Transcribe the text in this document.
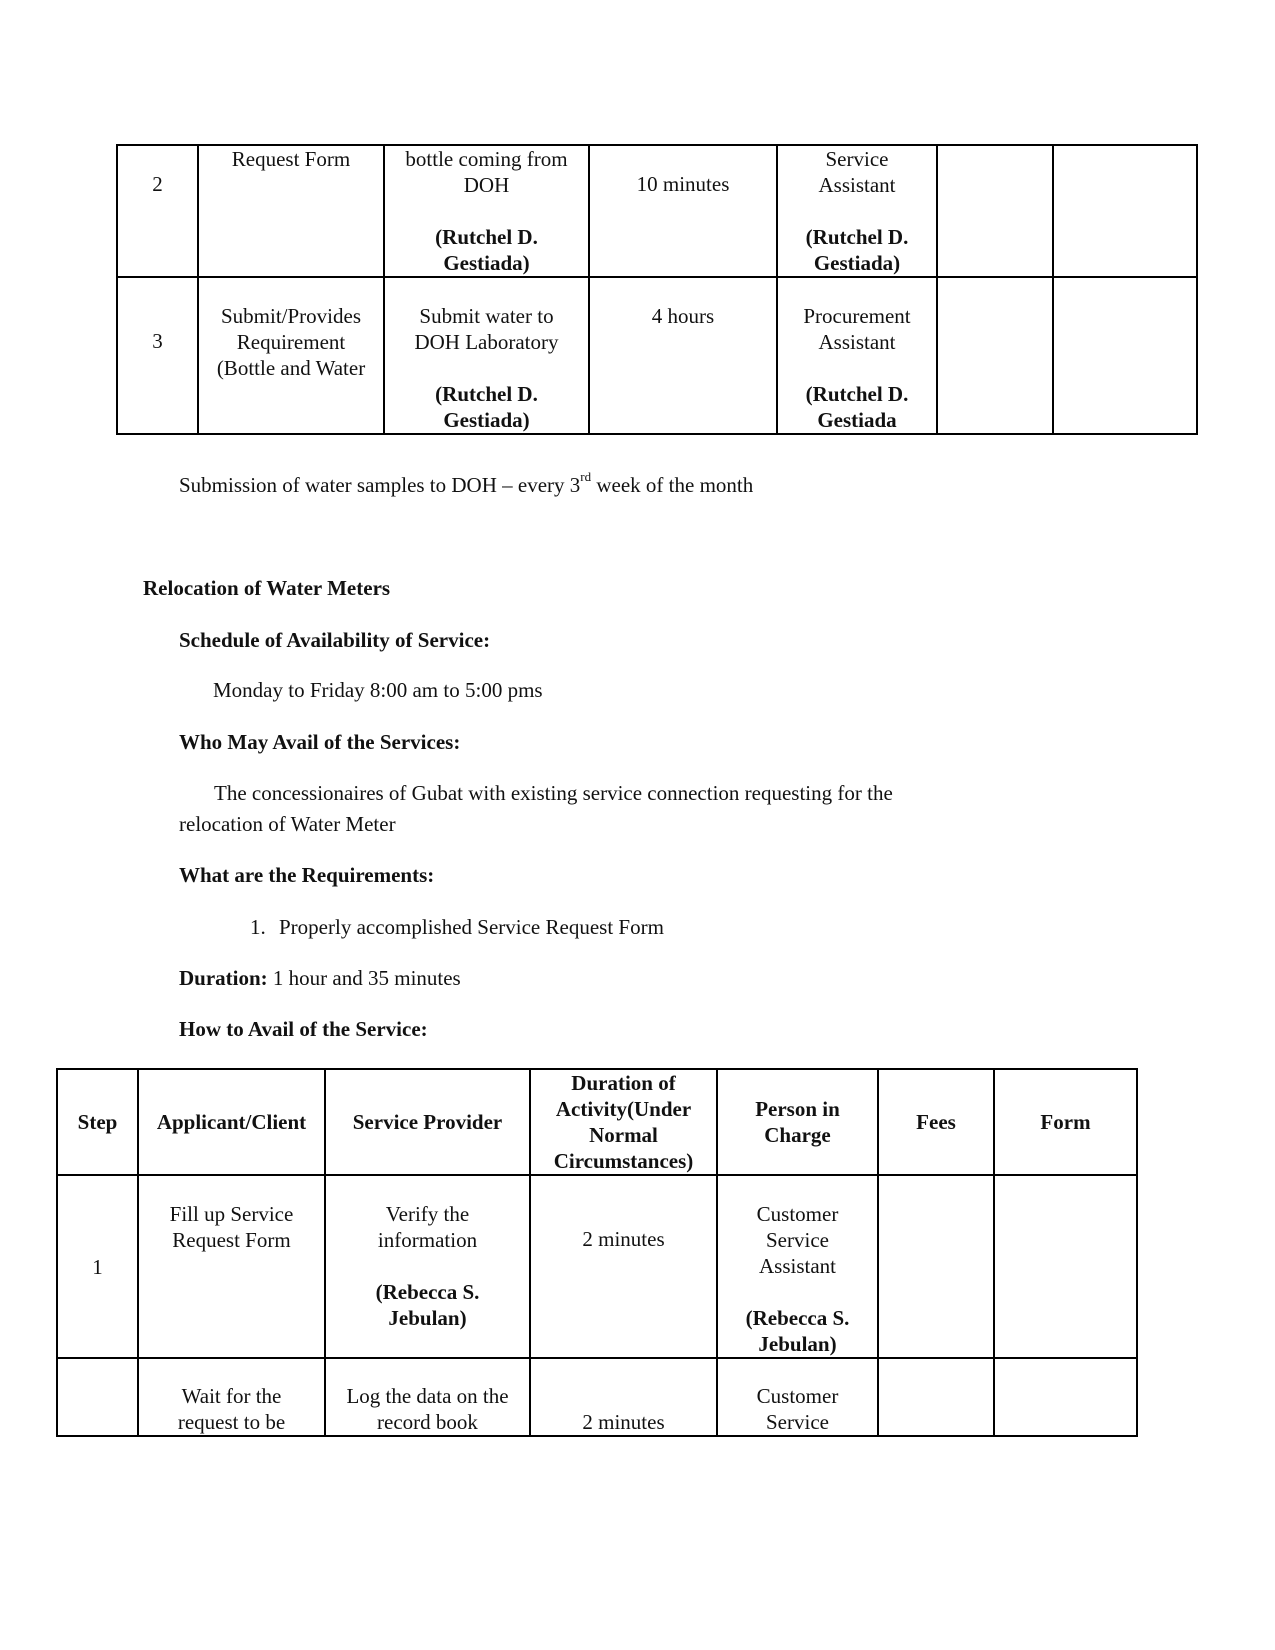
2	Request Form	bottle coming from
DOH
(Rutchel D.
Gestiada)	10 minutes	Service
Assistant
(Rutchel D.
Gestiada)		

3	Submit/Provides
Requirement
(Bottle and Water	Submit water to
DOH Laboratory
(Rutchel D.
Gestiada)	4 hours	Procurement
Assistant
(Rutchel D.
Gestiada		

Submission of water samples to DOH – every 3rd week of the month
Relocation of Water Meters
Schedule of Availability of Service:
Monday to Friday 8:00 am to 5:00 pms
Who May Avail of the Services:
The concessionaires of Gubat with existing service connection requesting for the
relocation of Water Meter
What are the Requirements:
1. Properly accomplished Service Request Form
Duration: 1 hour and 35 minutes
How to Avail of the Service:
Step	Applicant/Client	Service Provider	Duration of
Activity(Under
Normal
Circumstances)	Person in
Charge	Fees	Form
1	Fill up Service
Request Form	Verify the
information
(Rebecca S.
Jebulan)	2 minutes	Customer
Service
Assistant
(Rebecca S.
Jebulan)		

	Wait for the
request to be	Log the data on the
record book	2 minutes	Customer
Service		
